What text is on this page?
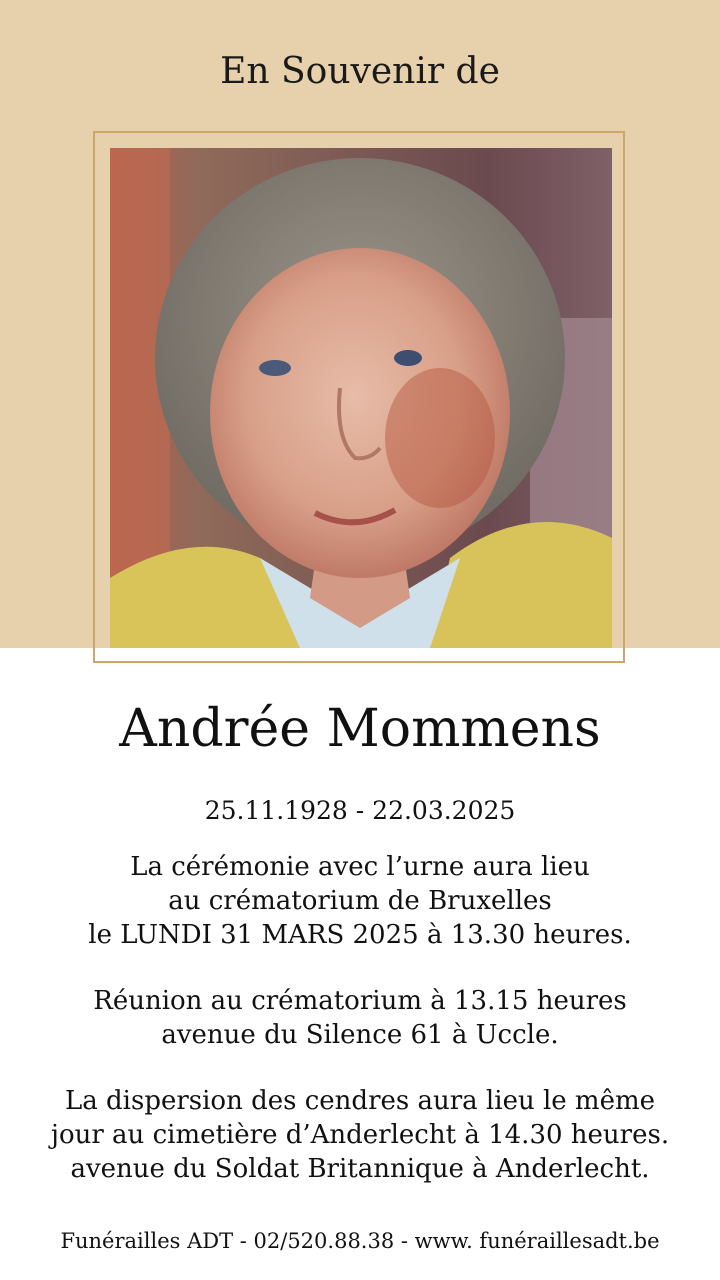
En Souvenir de
Andrée Mommens
25.11.1928 - 22.03.2025
La cérémonie avec l’urne aura lieu
au crématorium de Bruxelles
le LUNDI 31 MARS 2025 à 13.30 heures.
Réunion au crématorium à 13.15 heures
avenue du Silence 61 à Uccle.
La dispersion des cendres aura lieu le même
jour au cimetière d’Anderlecht à 14.30 heures.
avenue du Soldat Britannique à Anderlecht.
Funérailles ADT - 02/520.88.38 - www. funéraillesadt.be
